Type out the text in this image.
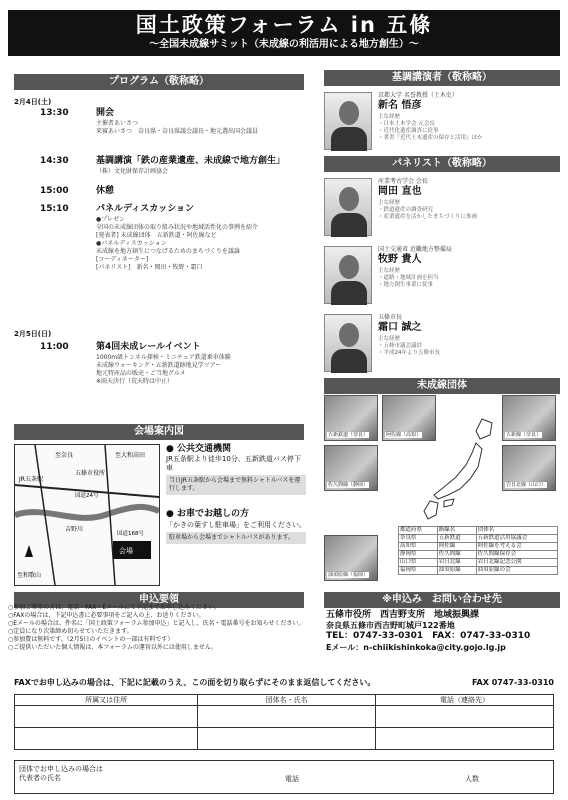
国土政策フォーラム in 五條
～全国未成線サミット（未成線の利活用による地方創生）～
プログラム（敬称略）	基調講演者（敬称略）
パネリスト（敬称略）
未成線団体
会場案内図
申込要領	※申込み　お問い合わせ先
2月4日(土)
13:30	開会
主催者あいさつ
来賓あいさつ　奈良県・奈良県議会議長・地元選出国会議員
14:30	基調講演「鉄の産業遺産、未成線で地方創生」
（株）文化財保存計画協会
15:00	休憩
15:10	パネルディスカッション
●プレゼン
全国の未成線団体の取り組み状況や地域活性化の事例を紹介
[発表者] 未成線団体　五新鉄道・阿佐線など
●パネルディスカッション
未成線を地方創生につなげるためのまちづくりを議論
[コーディネーター]
[パネリスト]　新名・岡田・牧野・霜口
2月5日(日)
11:00	第4回未成レールイベント
1000m級トンネル探検・ミニチュア鉄道乗車体験
未成線ウォーキング・五新鉄道跡地見学ツアー
地元特産品の販売・ご当地グルメ
※雨天決行（荒天時は中止）
京都大学 名誉教授（土木史）
新名 悟彦
主な経歴
・日本土木学会 元会長
・近代化遺産調査に従事
・著書『近代土木遺産の保存と活用』ほか
産業考古学会 会長
岡田 直也
主な経歴
・鉄道遺産の調査研究
・産業遺産を活かしたまちづくりに参画
国土交通省 近畿地方整備局
牧野 貴人
主な経歴
・道路・地域計画を担当
・地方創生事業に従事
五條市長
霜口 誠之
主な経歴
・五條市議会議員
・平成24年より五條市長
五新鉄道（奈良）	阿佐線（高知）	五新線（奈良）
佐久間線（静岡）	岩日北線（山口）
油須原線（福岡）
都道府県	路線名	団体名
奈良県	五新鉄道	五新鉄道活用協議会
高知県	阿佐線	阿佐線を考える会
静岡県	佐久間線	佐久間線保存会
山口県	岩日北線	岩日北線記念公園
福岡県	油須原線	油須原線の会
JR五条駅
五條市役所
会場
吉野川
至和歌山
至大和高田
至奈良
国道24号
国道168号
● 公共交通機関
JR五条駅より徒歩10分、五新鉄道バス停下車
当日JR五条駅から会場まで無料シャトルバスを運行します。
● お車でお越しの方
「かきの葉すし駐車場」をご利用ください。
駐車場から会場までシャトルバスがあります。
○参加ご希望の方は、電話・FAX・Eメールにて下記までお申し込みください。
○FAXの場合は、下記申込書に必要事項をご記入の上、お送りください。
○Eメールの場合は、件名に「国土政策フォーラム参加申込」と記入し、氏名・電話番号をお知らせください。
○定員になり次第締め切らせていただきます。
○参加費は無料です。（2月5日のイベントの一部は有料です）
○ご提供いただいた個人情報は、本フォーラムの運営以外には使用しません。
五條市役所　西吉野支所　地域振興課
奈良県五條市西吉野町城戸122番地
TEL：0747-33-0301　FAX：0747-33-0310
Eメール：n-chiikishinkoka@city.gojo.lg.jp
FAXでお申し込みの場合は、下記に記載のうえ、この面を切り取らずにそのまま返信してください。	FAX 0747-33-0310
所属又は住所	団体名・氏名	電話（連絡先）

団体でお申し込みの場合は
代表者の氏名	電話	人数
